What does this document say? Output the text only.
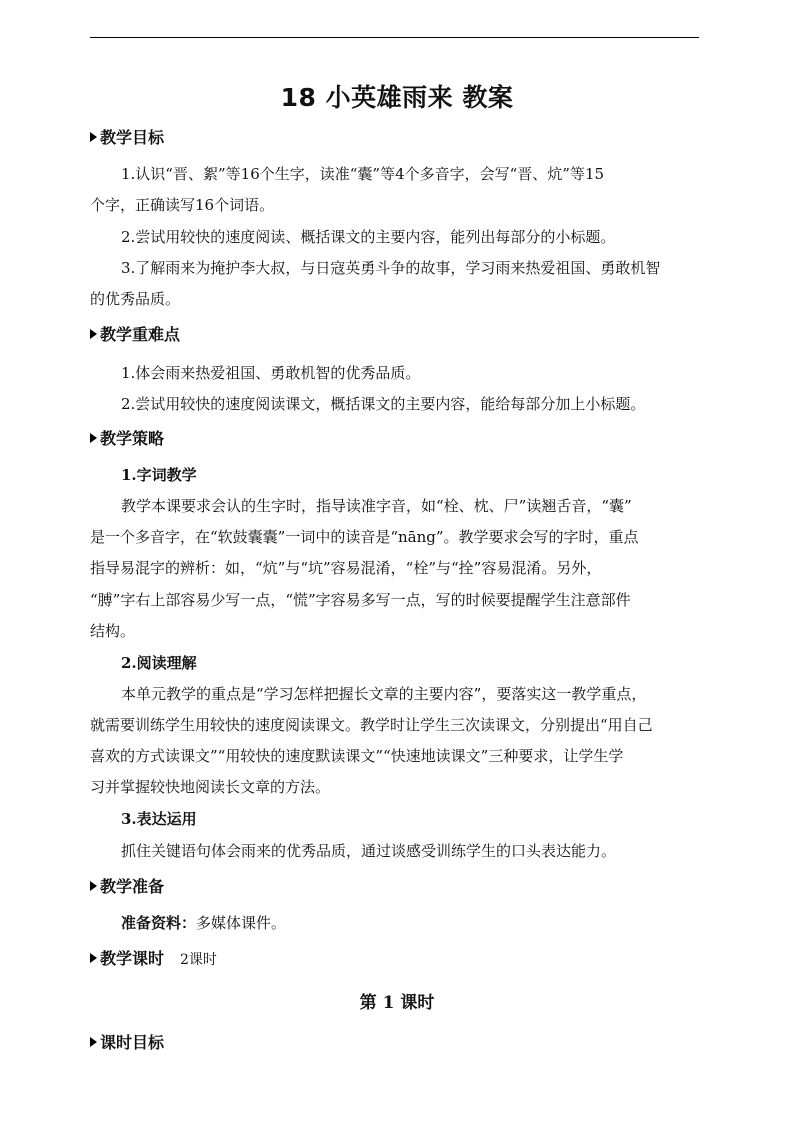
18 小英雄雨来 教案
教学目标
1.认识“晋、絮”等16个生字，读准“囊”等4个多音字，会写“晋、炕”等15
个字，正确读写16个词语。
2.尝试用较快的速度阅读、概括课文的主要内容，能列出每部分的小标题。
3.了解雨来为掩护李大叔，与日寇英勇斗争的故事，学习雨来热爱祖国、勇敢机智
的优秀品质。
教学重难点
1.体会雨来热爱祖国、勇敢机智的优秀品质。
2.尝试用较快的速度阅读课文，概括课文的主要内容，能给每部分加上小标题。
教学策略
1.字词教学
教学本课要求会认的生字时，指导读准字音，如“栓、枕、尸”读翘舌音，“囊”
是一个多音字，在“软鼓囊囊”一词中的读音是“nāng”。教学要求会写的字时，重点
指导易混字的辨析：如，“炕”与“坑”容易混淆，“栓”与“拴”容易混淆。另外，
“膊”字右上部容易少写一点，“慌”字容易多写一点，写的时候要提醒学生注意部件
结构。
2.阅读理解
本单元教学的重点是“学习怎样把握长文章的主要内容”，要落实这一教学重点，
就需要训练学生用较快的速度阅读课文。教学时让学生三次读课文，分别提出“用自己
喜欢的方式读课文”“用较快的速度默读课文”“快速地读课文”三种要求，让学生学
习并掌握较快地阅读长文章的方法。
3.表达运用
抓住关键语句体会雨来的优秀品质，通过谈感受训练学生的口头表达能力。
教学准备
准备资料：多媒体课件。
教学课时 2课时
第 1 课时
课时目标
